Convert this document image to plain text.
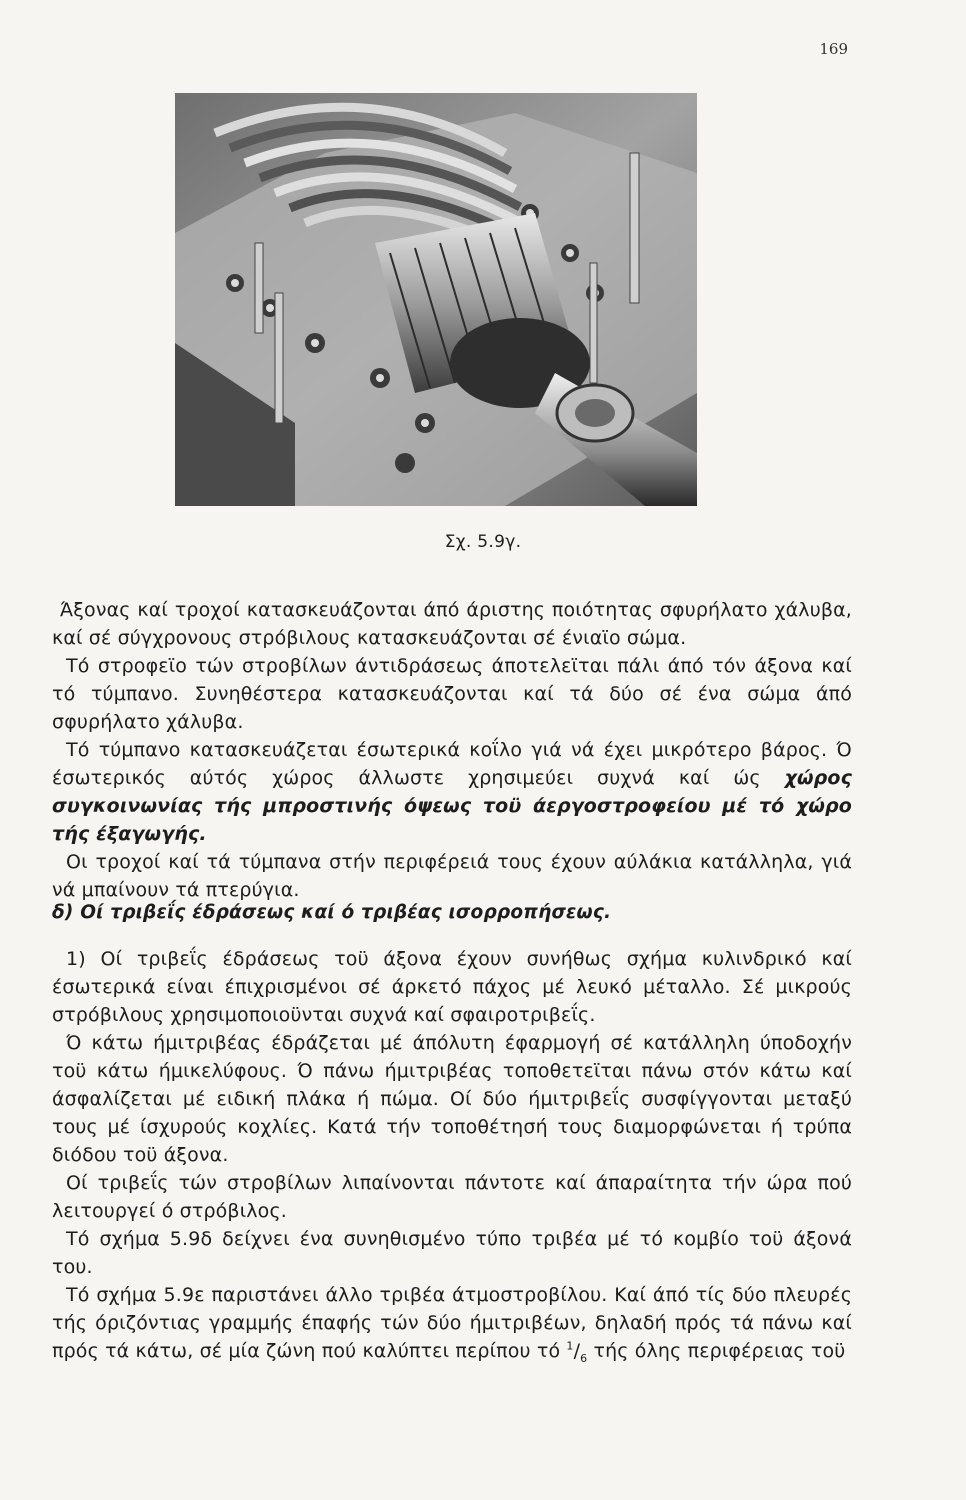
169
Σχ. 5.9γ.

Άξονας καί τροχοί κατασκευάζονται άπό άριστης ποιότητας σφυρήλατο χάλυβα, καί σέ σύγχρονους στρόβιλους κατασκευάζονται σέ ένιαϊο σώμα.

Τό στροφεϊο τών στροβίλων άντιδράσεως άποτελεϊται πάλι άπό τόν άξονα καί τό τύμπανο. Συνηθέστερα κατασκευάζονται καί τά δύο σέ ένα σώμα άπό σφυρήλατο χάλυβα.

Τό τύμπανο κατασκευάζεται έσωτερικά κοΐλο γιά νά έχει μικρότερο βάρος. Ό έσωτερικός αύτός χώρος άλλωστε χρησιμεύει συχνά καί ώς χώρος συγκοινωνίας τής μπροστινής όψεως τοϋ άεργοστροφείου μέ τό χώρο τής έξαγωγής.

Οι τροχοί καί τά τύμπανα στήν περιφέρειά τους έχουν αύλάκια κατάλληλα, γιά νά μπαίνουν τά πτερύγια.

δ) Οί τριβεΐς έδράσεως καί ό τριβέας ισορροπήσεως.

1) Οί τριβεΐς έδράσεως τοϋ άξονα έχουν συνήθως σχήμα κυλινδρικό καί έσωτερικά είναι έπιχρισμένοι σέ άρκετό πάχος μέ λευκό μέταλλο. Σέ μικρούς στρόβιλους χρησιμοποιοϋνται συχνά καί σφαιροτριβεΐς.

Ό κάτω ήμιτριβέας έδράζεται μέ άπόλυτη έφαρμογή σέ κατάλληλη ύποδοχήν τοϋ κάτω ήμικελύφους. Ό πάνω ήμιτριβέας τοποθετεϊται πάνω στόν κάτω καί άσφαλίζεται μέ ειδική πλάκα ή πώμα. Οί δύο ήμιτριβεΐς συσφίγγονται μεταξύ τους μέ ίσχυρούς κοχλίες. Κατά τήν τοποθέτησή τους διαμορφώνεται ή τρύπα διόδου τοϋ άξονα.

Οί τριβεΐς τών στροβίλων λιπαίνονται πάντοτε καί άπαραίτητα τήν ώρα πού λειτουργεί ό στρόβιλος.

Τό σχήμα 5.9δ δείχνει ένα συνηθισμένο τύπο τριβέα μέ τό κομβίο τοϋ άξονά του.

Τό σχήμα 5.9ε παριστάνει άλλο τριβέα άτμοστροβίλου. Καί άπό τίς δύο πλευρές τής όριζόντιας γραμμής έπαφής τών δύο ήμιτριβέων, δηλαδή πρός τά πάνω καί πρός τά κάτω, σέ μία ζώνη πού καλύπτει περίπου τό $^1/_6$ τής όλης περιφέρειας τοϋ
